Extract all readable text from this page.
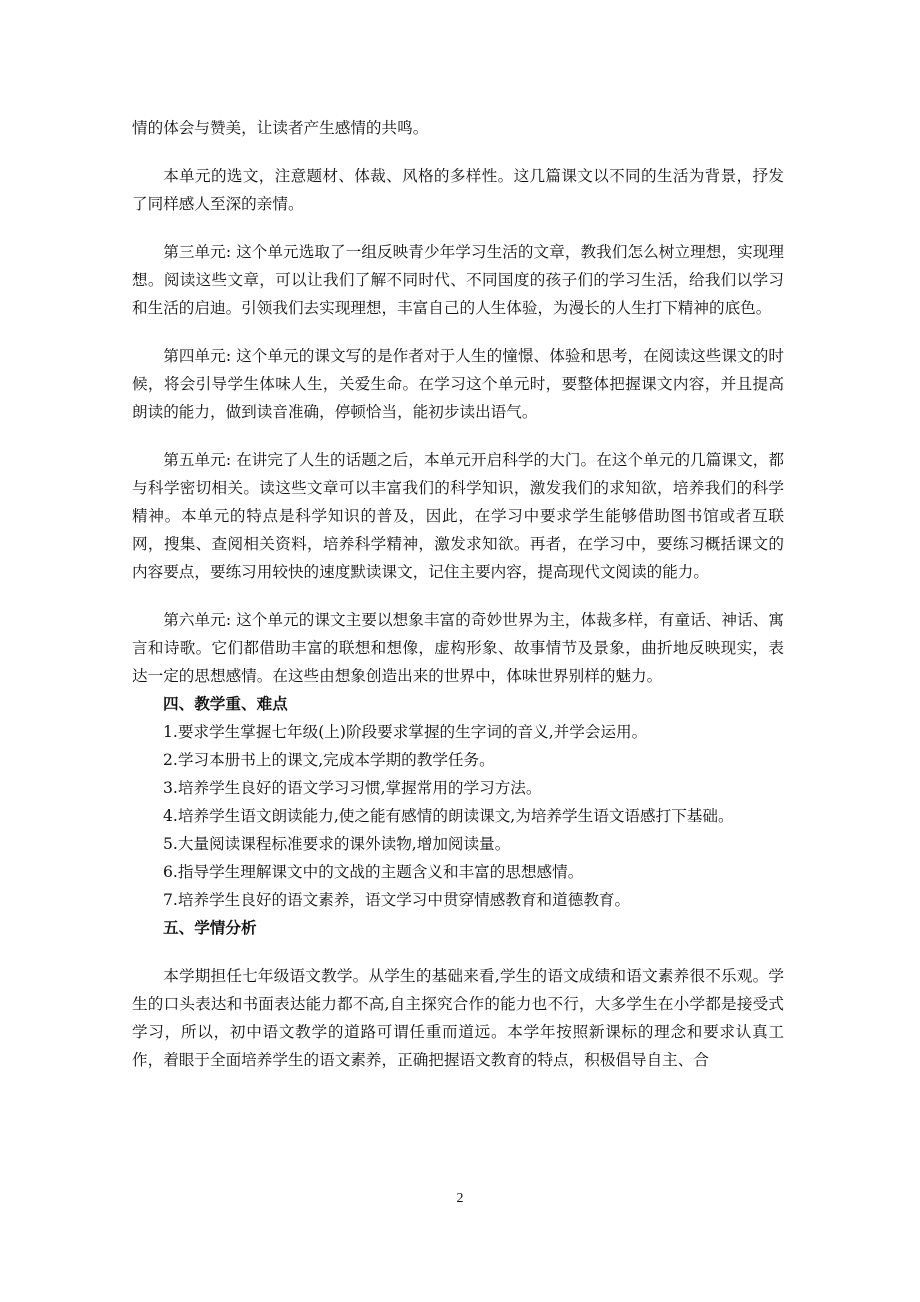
情的体会与赞美，让读者产生感情的共鸣。

本单元的选文，注意题材、体裁、风格的多样性。这几篇课文以不同的生活为背景，抒发了同样感人至深的亲情。

第三单元: 这个单元选取了一组反映青少年学习生活的文章，教我们怎么树立理想，实现理想。阅读这些文章，可以让我们了解不同时代、不同国度的孩子们的学习生活，给我们以学习和生活的启迪。引领我们去实现理想，丰富自己的人生体验，为漫长的人生打下精神的底色。

第四单元: 这个单元的课文写的是作者对于人生的憧憬、体验和思考，在阅读这些课文的时候，将会引导学生体味人生，关爱生命。在学习这个单元时，要整体把握课文内容，并且提高朗读的能力，做到读音准确，停顿恰当，能初步读出语气。

第五单元: 在讲完了人生的话题之后，本单元开启科学的大门。在这个单元的几篇课文，都与科学密切相关。读这些文章可以丰富我们的科学知识，激发我们的求知欲，培养我们的科学精神。本单元的特点是科学知识的普及，因此，在学习中要求学生能够借助图书馆或者互联网，搜集、查阅相关资料，培养科学精神，激发求知欲。再者，在学习中，要练习概括课文的内容要点，要练习用较快的速度默读课文，记住主要内容，提高现代文阅读的能力。

第六单元: 这个单元的课文主要以想象丰富的奇妙世界为主，体裁多样，有童话、神话、寓言和诗歌。它们都借助丰富的联想和想像，虚构形象、故事情节及景象，曲折地反映现实，表达一定的思想感情。在这些由想象创造出来的世界中，体味世界别样的魅力。

四、教学重、难点

1.要求学生掌握七年级(上)阶段要求掌握的生字词的音义,并学会运用。

2.学习本册书上的课文,完成本学期的教学任务。

3.培养学生良好的语文学习习惯,掌握常用的学习方法。

4.培养学生语文朗读能力,使之能有感情的朗读课文,为培养学生语文语感打下基础。

5.大量阅读课程标准要求的课外读物,增加阅读量。

6.指导学生理解课文中的文战的主题含义和丰富的思想感情。

7.培养学生良好的语文素养，语文学习中贯穿情感教育和道德教育。

五、学情分析

本学期担任七年级语文教学。从学生的基础来看,学生的语文成绩和语文素养很不乐观。学生的口头表达和书面表达能力都不高,自主探究合作的能力也不行，大多学生在小学都是接受式学习，所以，初中语文教学的道路可谓任重而道远。本学年按照新课标的理念和要求认真工作，着眼于全面培养学生的语文素养，正确把握语文教育的特点，积极倡导自主、合

2
